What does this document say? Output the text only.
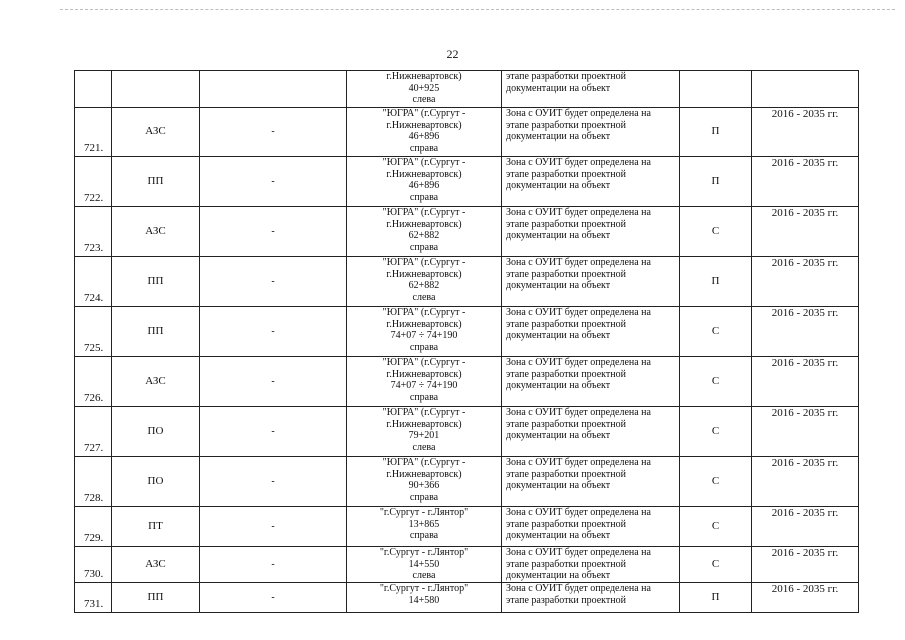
22

			г.Нижневартовск)
40+925
слева	этапе разработки проектной
документации на объект		

721.	АЗС	-	"ЮГРА" (г.Сургут -
г.Нижневартовск)
46+896
справа	Зона с ОУИТ будет определена на
этапе разработки проектной
документации на объект	П	2016 - 2035 гг.
722.	ПП	-	"ЮГРА" (г.Сургут -
г.Нижневартовск)
46+896
справа	Зона с ОУИТ будет определена на
этапе разработки проектной
документации на объект	П	2016 - 2035 гг.
723.	АЗС	-	"ЮГРА" (г.Сургут -
г.Нижневартовск)
62+882
справа	Зона с ОУИТ будет определена на
этапе разработки проектной
документации на объект	С	2016 - 2035 гг.
724.	ПП	-	"ЮГРА" (г.Сургут -
г.Нижневартовск)
62+882
слева	Зона с ОУИТ будет определена на
этапе разработки проектной
документации на объект	П	2016 - 2035 гг.
725.	ПП	-	"ЮГРА" (г.Сургут -
г.Нижневартовск)
74+07 ÷ 74+190
справа	Зона с ОУИТ будет определена на
этапе разработки проектной
документации на объект	С	2016 - 2035 гг.
726.	АЗС	-	"ЮГРА" (г.Сургут -
г.Нижневартовск)
74+07 ÷ 74+190
справа	Зона с ОУИТ будет определена на
этапе разработки проектной
документации на объект	С	2016 - 2035 гг.
727.	ПО	-	"ЮГРА" (г.Сургут -
г.Нижневартовск)
79+201
слева	Зона с ОУИТ будет определена на
этапе разработки проектной
документации на объект	С	2016 - 2035 гг.
728.	ПО	-	"ЮГРА" (г.Сургут -
г.Нижневартовск)
90+366
справа	Зона с ОУИТ будет определена на
этапе разработки проектной
документации на объект	С	2016 - 2035 гг.
729.	ПТ	-	"г.Сургут - г.Лянтор"
13+865
справа	Зона с ОУИТ будет определена на
этапе разработки проектной
документации на объект	С	2016 - 2035 гг.
730.	АЗС	-	"г.Сургут - г.Лянтор"
14+550
слева	Зона с ОУИТ будет определена на
этапе разработки проектной
документации на объект	С	2016 - 2035 гг.
731.	ПП	-	"г.Сургут - г.Лянтор"
14+580	Зона с ОУИТ будет определена на
этапе разработки проектной	П	2016 - 2035 гг.
